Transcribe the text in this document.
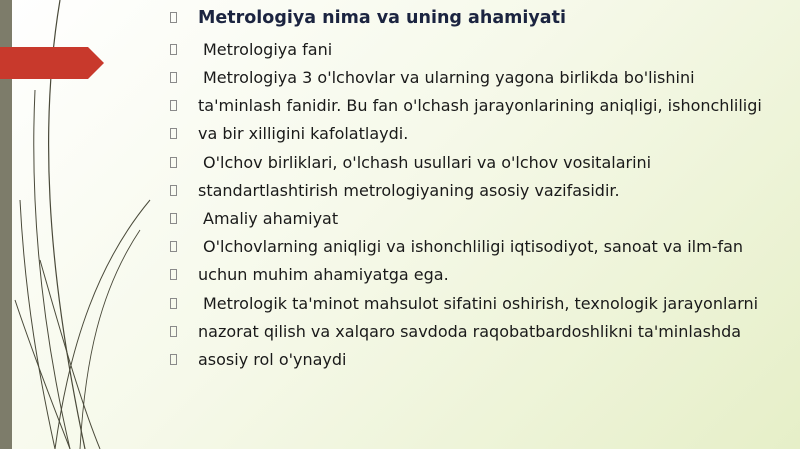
Metrologiya nima va uning ahamiyati
Metrologiya fani
Metrologiya 3 o'lchovlar va ularning yagona birlikda bo'lishini
ta'minlash fanidir. Bu fan o'lchash jarayonlarining aniqligi, ishonchliligi
va bir xilligini kafolatlaydi.
O'lchov birliklari, o'lchash usullari va o'lchov vositalarini
standartlashtirish metrologiyaning asosiy vazifasidir.
Amaliy ahamiyat
O'lchovlarning aniqligi va ishonchliligi iqtisodiyot, sanoat va ilm-fan
uchun muhim ahamiyatga ega.
Metrologik ta'minot mahsulot sifatini oshirish, texnologik jarayonlarni
nazorat qilish va xalqaro savdoda raqobatbardoshlikni ta'minlashda
asosiy rol o'ynaydi
